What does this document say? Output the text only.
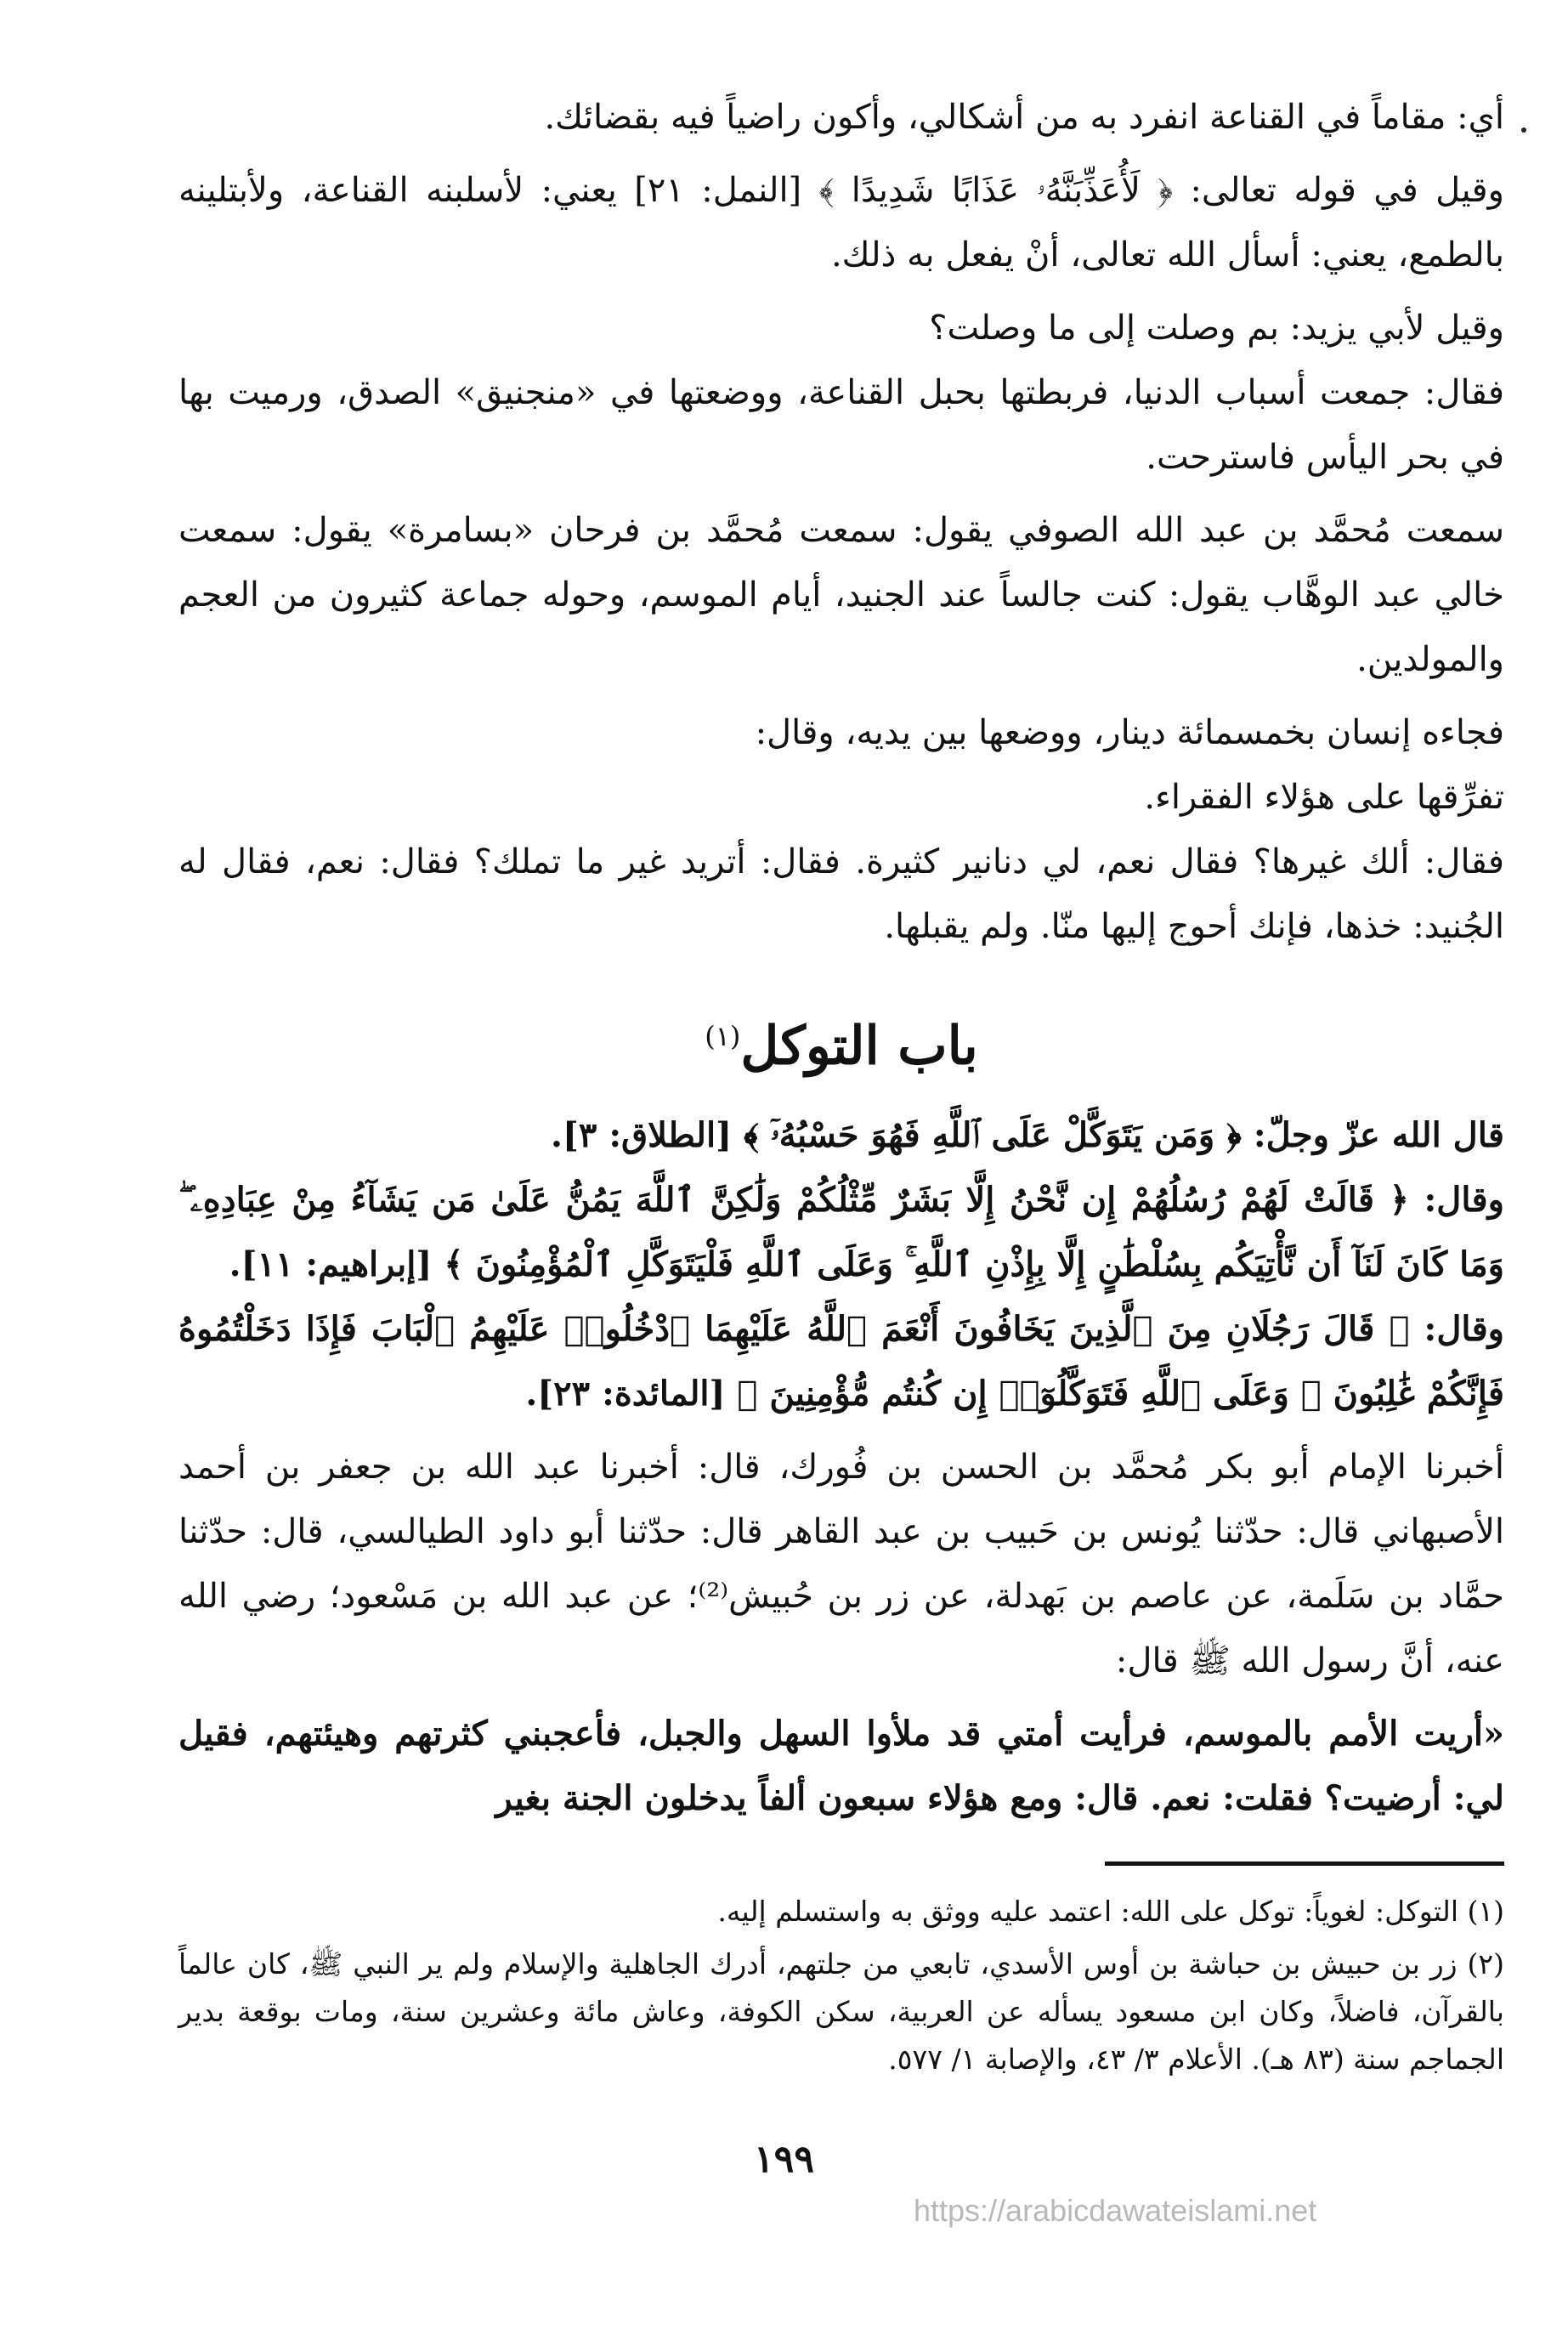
أي: مقاماً في القناعة انفرد به من أشكالي، وأكون راضياً فيه بقضائك.

وقيل في قوله تعالى: ﴿ لَأُعَذِّبَنَّهُۥ عَذَابًا شَدِيدًا ﴾ [النمل: ٢١] يعني: لأسلبنه القناعة، ولأبتلينه بالطمع، يعني: أسأل الله تعالى، أنْ يفعل به ذلك.

وقيل لأبي يزيد: بم وصلت إلى ما وصلت؟

فقال: جمعت أسباب الدنيا، فربطتها بحبل القناعة، ووضعتها في «منجنيق» الصدق، ورميت بها في بحر اليأس فاسترحت.

سمعت مُحمَّد بن عبد الله الصوفي يقول: سمعت مُحمَّد بن فرحان «بسامرة» يقول: سمعت خالي عبد الوهَّاب يقول: كنت جالساً عند الجنيد، أيام الموسم، وحوله جماعة كثيرون من العجم والمولدين.

فجاءه إنسان بخمسمائة دينار، ووضعها بين يديه، وقال:

تفرِّقها على هؤلاء الفقراء.

فقال: ألك غيرها؟ فقال نعم، لي دنانير كثيرة. فقال: أتريد غير ما تملك؟ فقال: نعم، فقال له الجُنيد: خذها، فإنك أحوج إليها منّا. ولم يقبلها.

باب التوكل$^{(١)}$

قال الله عزّ وجلّ: ﴿ وَمَن يَتَوَكَّلْ عَلَى ٱللَّهِ فَهُوَ حَسْبُهُۥٓ ﴾ [الطلاق: ٣].

وقال: ﴿ قَالَتْ لَهُمْ رُسُلُهُمْ إِن نَّحْنُ إِلَّا بَشَرٌ مِّثْلُكُمْ وَلَٰكِنَّ ٱللَّهَ يَمُنُّ عَلَىٰ مَن يَشَآءُ مِنْ عِبَادِهِۦ ۖ وَمَا كَانَ لَنَآ أَن نَّأْتِيَكُم بِسُلْطَٰنٍ إِلَّا بِإِذْنِ ٱللَّهِ ۚ وَعَلَى ٱللَّهِ فَلْيَتَوَكَّلِ ٱلْمُؤْمِنُونَ ﴾ [إبراهيم: ١١].

وقال: ﴿ قَالَ رَجُلَانِ مِنَ ٱلَّذِينَ يَخَافُونَ أَنْعَمَ ٱللَّهُ عَلَيْهِمَا ٱدْخُلُوا۟ عَلَيْهِمُ ٱلْبَابَ فَإِذَا دَخَلْتُمُوهُ فَإِنَّكُمْ غَٰلِبُونَ ۚ وَعَلَى ٱللَّهِ فَتَوَكَّلُوٓا۟ إِن كُنتُم مُّؤْمِنِينَ ﴾ [المائدة: ٢٣].

أخبرنا الإمام أبو بكر مُحمَّد بن الحسن بن فُورك، قال: أخبرنا عبد الله بن جعفر بن أحمد الأصبهاني قال: حدّثنا يُونس بن حَبيب بن عبد القاهر قال: حدّثنا أبو داود الطيالسي، قال: حدّثنا حمَّاد بن سَلَمة، عن عاصم بن بَهدلة، عن زر بن حُبيش⁽²⁾؛ عن عبد الله بن مَسْعود؛ رضي الله عنه، أنَّ رسول الله ﷺ قال:

«أريت الأمم بالموسم، فرأيت أمتي قد ملأوا السهل والجبل، فأعجبني كثرتهم وهيئتهم، فقيل لي: أرضيت؟ فقلت: نعم. قال: ومع هؤلاء سبعون ألفاً يدخلون الجنة بغير

(١) التوكل: لغوياً: توكل على الله: اعتمد عليه ووثق به واستسلم إليه.

(٢) زر بن حبيش بن حباشة بن أوس الأسدي، تابعي من جلتهم، أدرك الجاهلية والإسلام ولم ير النبي ﷺ، كان عالماً بالقرآن، فاضلاً، وكان ابن مسعود يسأله عن العربية، سكن الكوفة، وعاش مائة وعشرين سنة، ومات بوقعة بدير الجماجم سنة (٨٣ هـ). الأعلام ٣/ ٤٣، والإصابة ١/ ٥٧٧.

١٩٩
https://arabicdawateislami.net
